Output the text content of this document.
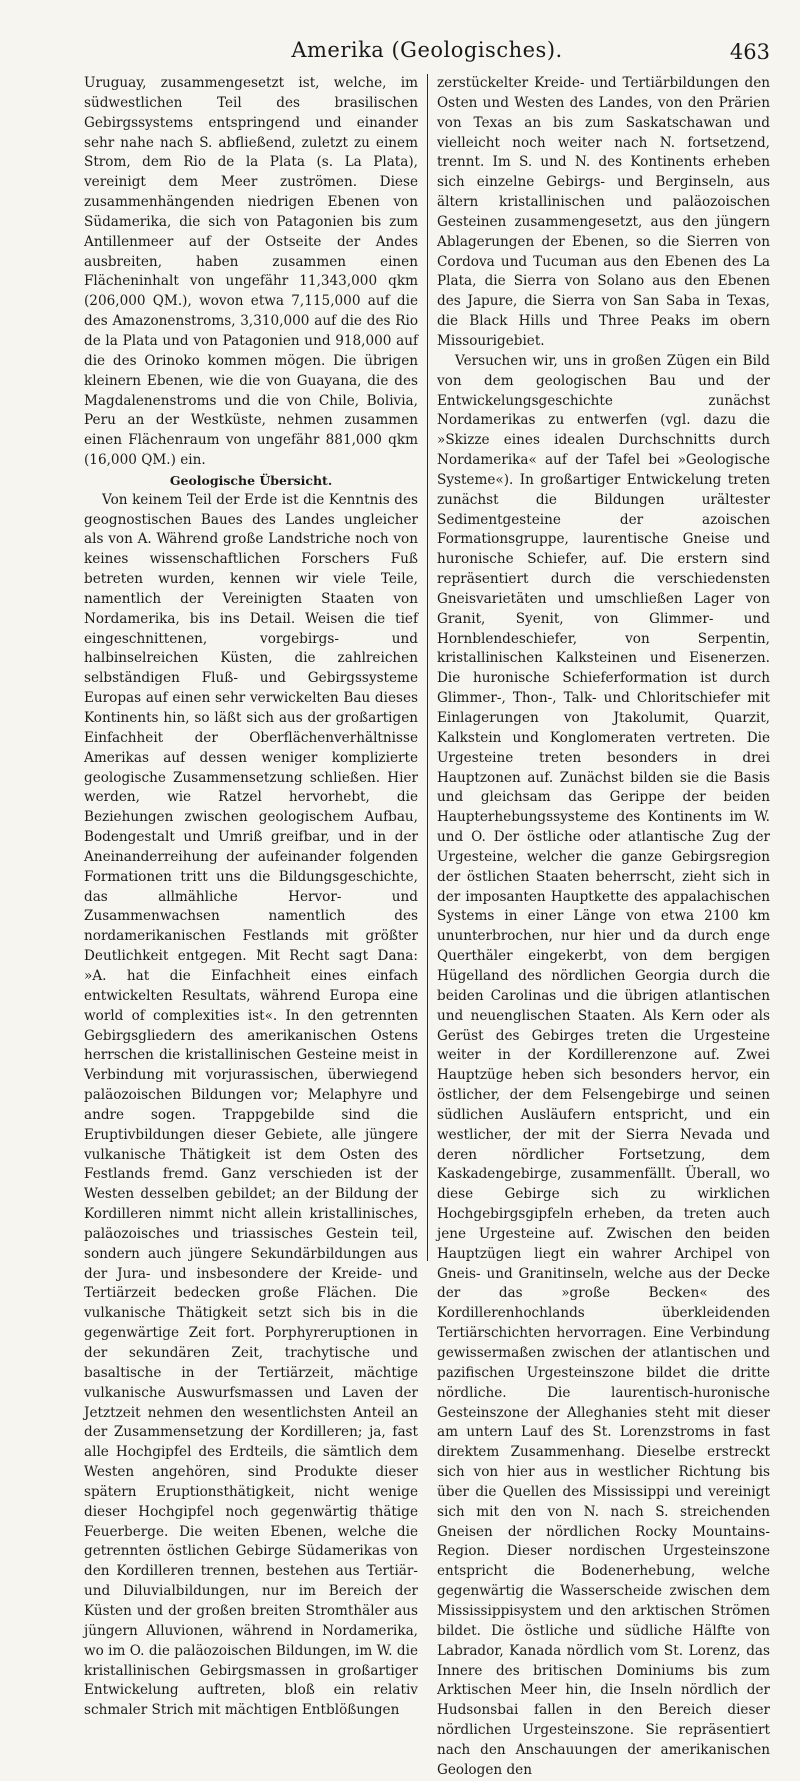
Amerika (Geologisches).	463

Uruguay, zusammengesetzt ist, welche, im südwestlichen Teil des brasilischen Gebirgssystems entspringend und einander sehr nahe nach S. abfließend, zuletzt zu einem Strom, dem Rio de la Plata (s. La Plata), vereinigt dem Meer zuströmen. Diese zusammenhängenden niedrigen Ebenen von Südamerika, die sich von Patagonien bis zum Antillenmeer auf der Ostseite der Andes ausbreiten, haben zusammen einen Flächeninhalt von ungefähr 11,343,000 qkm (206,000 QM.), wovon etwa 7,115,000 auf die des Amazonenstroms, 3,310,000 auf die des Rio de la Plata und von Patagonien und 918,000 auf die des Orinoko kommen mögen. Die übrigen kleinern Ebenen, wie die von Guayana, die des Magdalenenstroms und die von Chile, Bolivia, Peru an der Westküste, nehmen zusammen einen Flächenraum von ungefähr 881,000 qkm (16,000 QM.) ein.

Geologische Übersicht.

Von keinem Teil der Erde ist die Kenntnis des geognostischen Baues des Landes ungleicher als von A. Während große Landstriche noch von keines wissenschaftlichen Forschers Fuß betreten wurden, kennen wir viele Teile, namentlich der Vereinigten Staaten von Nordamerika, bis ins Detail. Weisen die tief eingeschnittenen, vorgebirgs- und halbinselreichen Küsten, die zahlreichen selbständigen Fluß- und Gebirgssysteme Europas auf einen sehr verwickelten Bau dieses Kontinents hin, so läßt sich aus der großartigen Einfachheit der Oberflächenverhältnisse Amerikas auf dessen weniger komplizierte geologische Zusammensetzung schließen. Hier werden, wie Ratzel hervorhebt, die Beziehungen zwischen geologischem Aufbau, Bodengestalt und Umriß greifbar, und in der Aneinanderreihung der aufeinander folgenden Formationen tritt uns die Bildungsgeschichte, das allmähliche Hervor- und Zusammenwachsen namentlich des nordamerikanischen Festlands mit größter Deutlichkeit entgegen. Mit Recht sagt Dana: »A. hat die Einfachheit eines einfach entwickelten Resultats, während Europa eine world of complexities ist«. In den getrennten Gebirgsgliedern des amerikanischen Ostens herrschen die kristallinischen Gesteine meist in Verbindung mit vorjurassischen, überwiegend paläozoischen Bildungen vor; Melaphyre und andre sogen. Trappgebilde sind die Eruptivbildungen dieser Gebiete, alle jüngere vulkanische Thätigkeit ist dem Osten des Festlands fremd. Ganz verschieden ist der Westen desselben gebildet; an der Bildung der Kordilleren nimmt nicht allein kristallinisches, paläozoisches und triassisches Gestein teil, sondern auch jüngere Sekundärbildungen aus der Jura- und insbesondere der Kreide- und Tertiärzeit bedecken große Flächen. Die vulkanische Thätigkeit setzt sich bis in die gegenwärtige Zeit fort. Porphyreruptionen in der sekundären Zeit, trachytische und basaltische in der Tertiärzeit, mächtige vulkanische Auswurfsmassen und Laven der Jetztzeit nehmen den wesentlichsten Anteil an der Zusammensetzung der Kordilleren; ja, fast alle Hochgipfel des Erdteils, die sämtlich dem Westen angehören, sind Produkte dieser spätern Eruptionsthätigkeit, nicht wenige dieser Hochgipfel noch gegenwärtig thätige Feuerberge. Die weiten Ebenen, welche die getrennten östlichen Gebirge Südamerikas von den Kordilleren trennen, bestehen aus Tertiär- und Diluvialbildungen, nur im Bereich der Küsten und der großen breiten Stromthäler aus jüngern Alluvionen, während in Nordamerika, wo im O. die paläozoischen Bildungen, im W. die kristallinischen Gebirgsmassen in großartiger Entwickelung auftreten, bloß ein relativ schmaler Strich mit mächtigen Entblößungen

zerstückelter Kreide- und Tertiärbildungen den Osten und Westen des Landes, von den Prärien von Texas an bis zum Saskatschawan und vielleicht noch weiter nach N. fortsetzend, trennt. Im S. und N. des Kontinents erheben sich einzelne Gebirgs- und Berginseln, aus ältern kristallinischen und paläozoischen Gesteinen zusammengesetzt, aus den jüngern Ablagerungen der Ebenen, so die Sierren von Cordova und Tucuman aus den Ebenen des La Plata, die Sierra von Solano aus den Ebenen des Japure, die Sierra von San Saba in Texas, die Black Hills und Three Peaks im obern Missourigebiet.

Versuchen wir, uns in großen Zügen ein Bild von dem geologischen Bau und der Entwickelungsgeschichte zunächst Nordamerikas zu entwerfen (vgl. dazu die »Skizze eines idealen Durchschnitts durch Nordamerika« auf der Tafel bei »Geologische Systeme«). In großartiger Entwickelung treten zunächst die Bildungen urältester Sedimentgesteine der azoischen Formationsgruppe, laurentische Gneise und huronische Schiefer, auf. Die erstern sind repräsentiert durch die verschiedensten Gneisvarietäten und umschließen Lager von Granit, Syenit, von Glimmer- und Hornblendeschiefer, von Serpentin, kristallinischen Kalksteinen und Eisenerzen. Die huronische Schieferformation ist durch Glimmer-, Thon-, Talk- und Chloritschiefer mit Einlagerungen von Jtakolumit, Quarzit, Kalkstein und Konglomeraten vertreten. Die Urgesteine treten besonders in drei Hauptzonen auf. Zunächst bilden sie die Basis und gleichsam das Gerippe der beiden Haupterhebungssysteme des Kontinents im W. und O. Der östliche oder atlantische Zug der Urgesteine, welcher die ganze Gebirgsregion der östlichen Staaten beherrscht, zieht sich in der imposanten Hauptkette des appalachischen Systems in einer Länge von etwa 2100 km ununterbrochen, nur hier und da durch enge Querthäler eingekerbt, von dem bergigen Hügelland des nördlichen Georgia durch die beiden Carolinas und die übrigen atlantischen und neuenglischen Staaten. Als Kern oder als Gerüst des Gebirges treten die Urgesteine weiter in der Kordillerenzone auf. Zwei Hauptzüge heben sich besonders hervor, ein östlicher, der dem Felsengebirge und seinen südlichen Ausläufern entspricht, und ein westlicher, der mit der Sierra Nevada und deren nördlicher Fortsetzung, dem Kaskadengebirge, zusammenfällt. Überall, wo diese Gebirge sich zu wirklichen Hochgebirgsgipfeln erheben, da treten auch jene Urgesteine auf. Zwischen den beiden Hauptzügen liegt ein wahrer Archipel von Gneis- und Granitinseln, welche aus der Decke der das »große Becken« des Kordillerenhochlands überkleidenden Tertiärschichten hervorragen. Eine Verbindung gewissermaßen zwischen der atlantischen und pazifischen Urgesteinszone bildet die dritte nördliche. Die laurentisch-huronische Gesteinszone der Alleghanies steht mit dieser am untern Lauf des St. Lorenzstroms in fast direktem Zusammenhang. Dieselbe erstreckt sich von hier aus in westlicher Richtung bis über die Quellen des Mississippi und vereinigt sich mit den von N. nach S. streichenden Gneisen der nördlichen Rocky Mountains-Region. Dieser nordischen Urgesteinszone entspricht die Bodenerhebung, welche gegenwärtig die Wasserscheide zwischen dem Mississippisystem und den arktischen Strömen bildet. Die östliche und südliche Hälfte von Labrador, Kanada nördlich vom St. Lorenz, das Innere des britischen Dominiums bis zum Arktischen Meer hin, die Inseln nördlich der Hudsonsbai fallen in den Bereich dieser nördlichen Urgesteinszone. Sie repräsentiert nach den Anschauungen der amerikanischen Geologen den
